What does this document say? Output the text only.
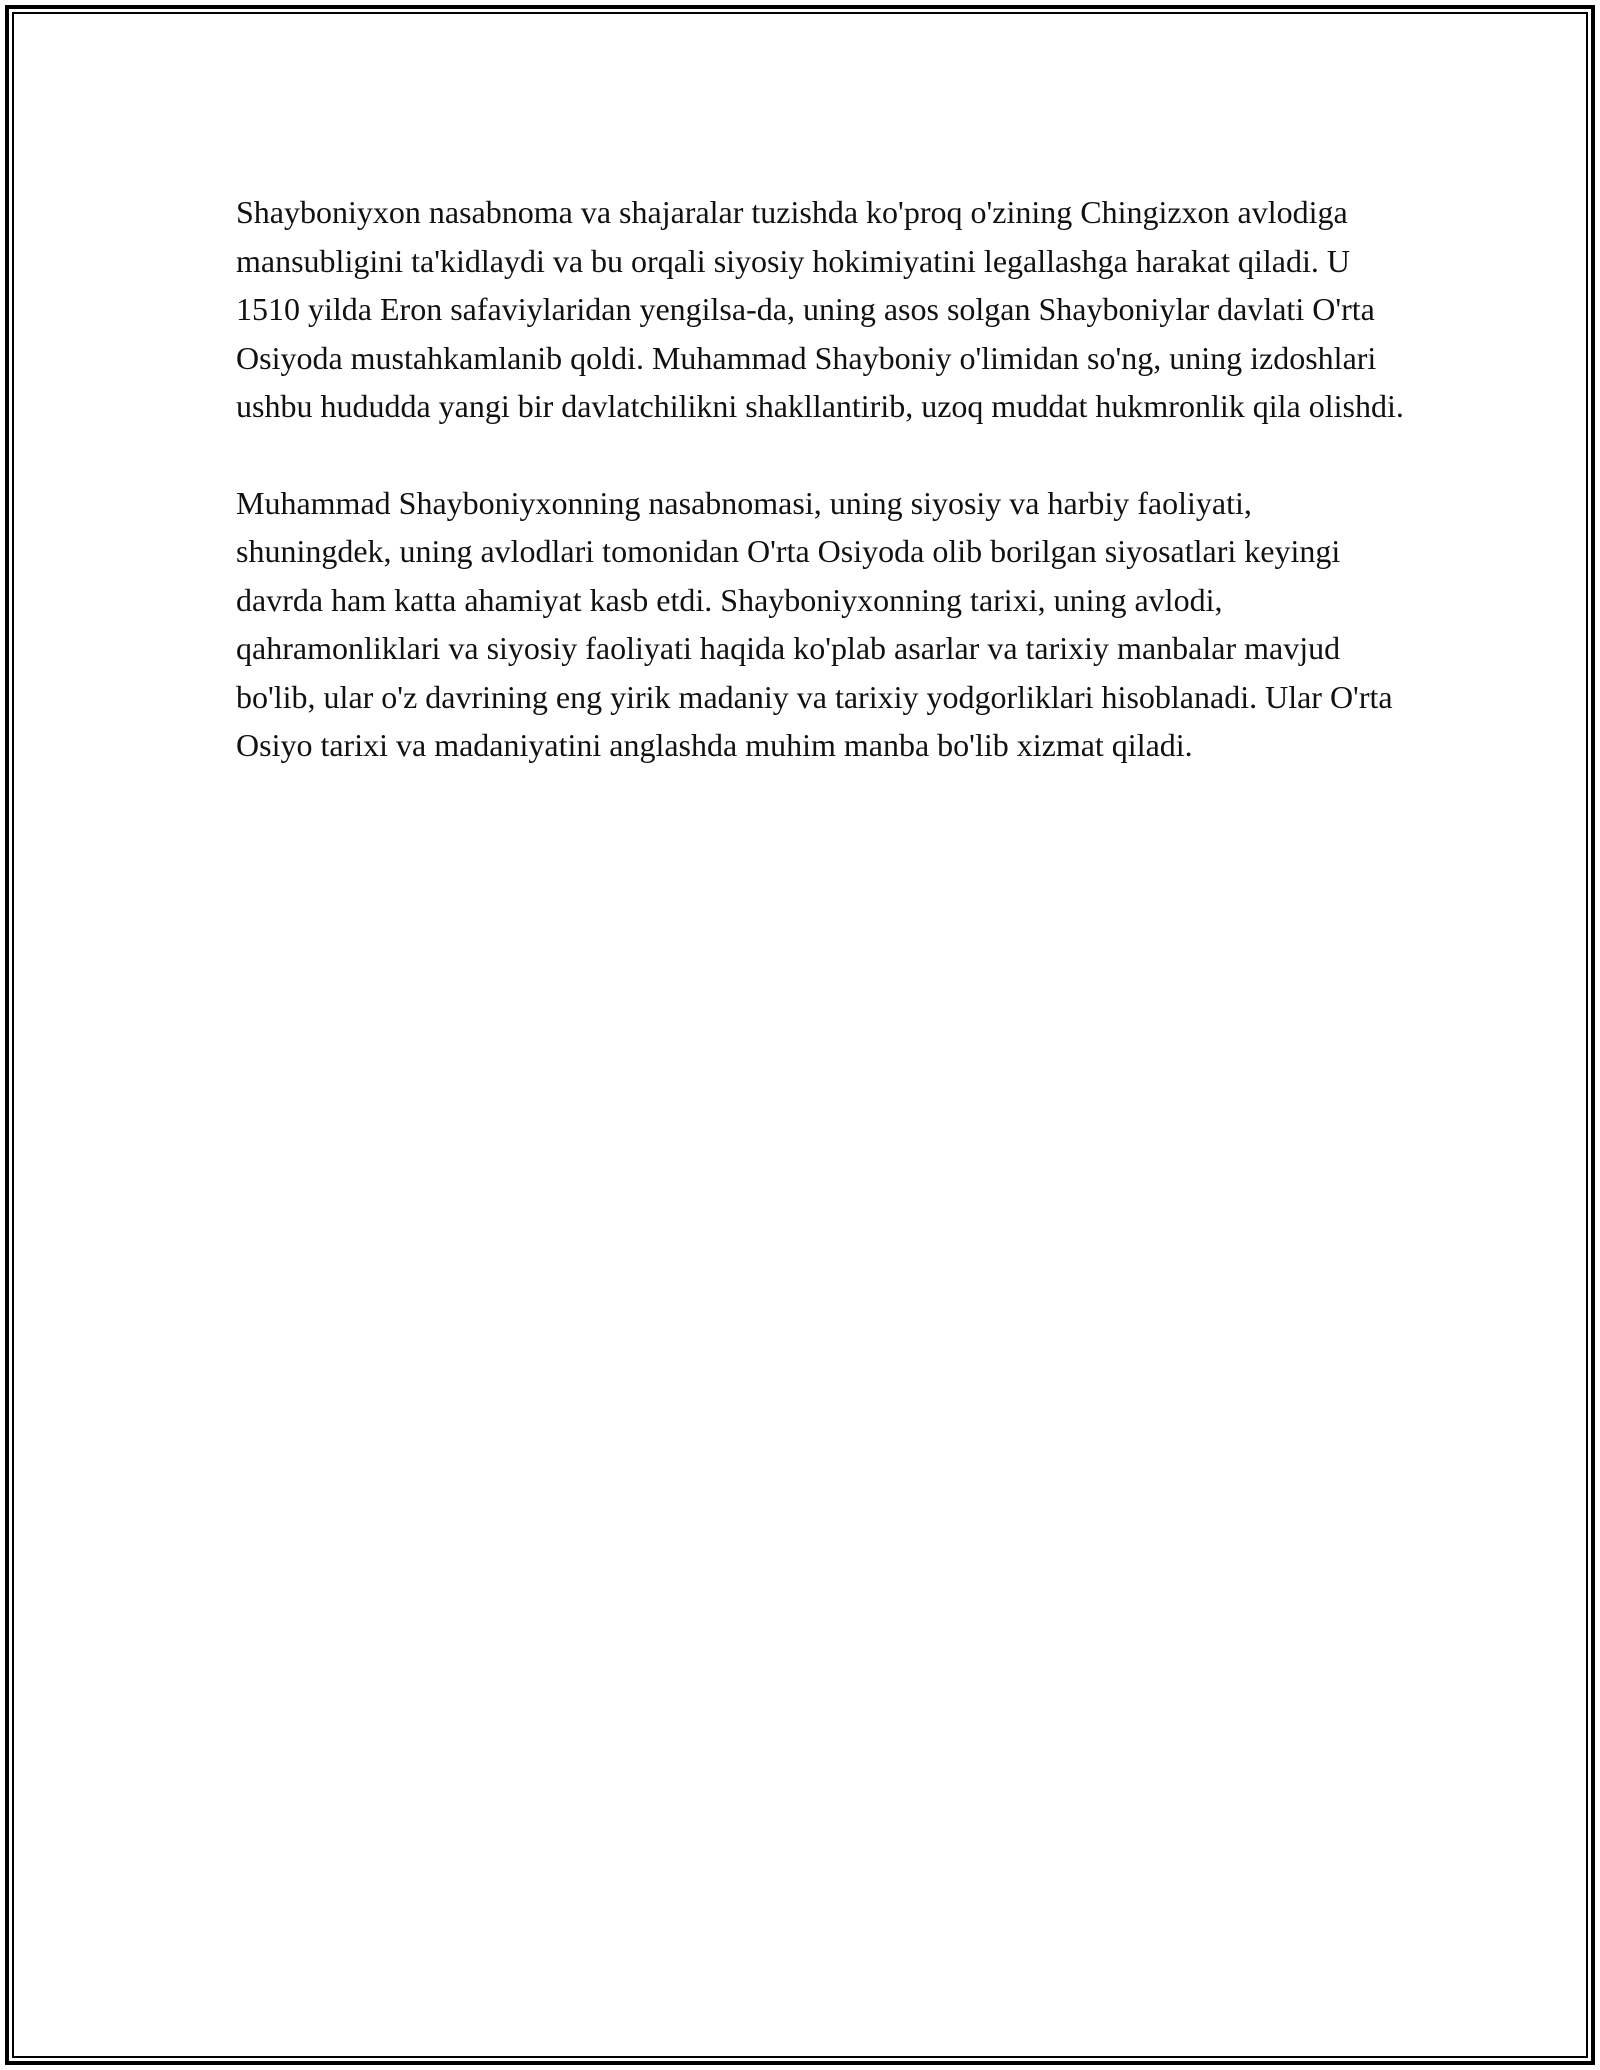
Shayboniyxon nasabnoma va shajaralar tuzishda ko'proq o'zining Chingizxon avlodiga mansubligini ta'kidlaydi va bu orqali siyosiy hokimiyatini legallashga harakat qiladi. U 1510 yilda Eron safaviylaridan yengilsa-da, uning asos solgan Shayboniylar davlati O'rta Osiyoda mustahkamlanib qoldi. Muhammad Shayboniy o'limidan so'ng, uning izdoshlari ushbu hududda yangi bir davlatchilikni shakllantirib, uzoq muddat hukmronlik qila olishdi.

Muhammad Shayboniyxonning nasabnomasi, uning siyosiy va harbiy faoliyati, shuningdek, uning avlodlari tomonidan O'rta Osiyoda olib borilgan siyosatlari keyingi davrda ham katta ahamiyat kasb etdi. Shayboniyxonning tarixi, uning avlodi, qahramonliklari va siyosiy faoliyati haqida ko'plab asarlar va tarixiy manbalar mavjud bo'lib, ular o'z davrining eng yirik madaniy va tarixiy yodgorliklari hisoblanadi. Ular O'rta Osiyo tarixi va madaniyatini anglashda muhim manba bo'lib xizmat qiladi.
